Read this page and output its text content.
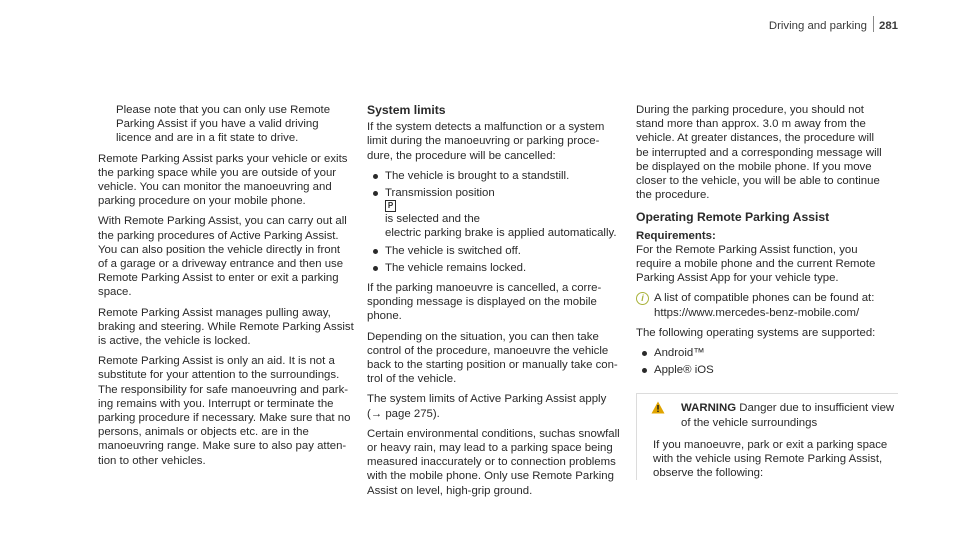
Driving and parking 281

Please note that you can only use Remote
Parking Assist if you have a valid driving
licence and are in a fit state to drive.

Remote Parking Assist parks your vehicle or exits
the parking space while you are outside of your
vehicle. You can monitor the manoeuvring and
parking procedure on your mobile phone.

With Remote Parking Assist, you can carry out all
the parking procedures of Active Parking Assist.
You can also position the vehicle directly in front
of a garage or a driveway entrance and then use
Remote Parking Assist to enter or exit a parking
space.

Remote Parking Assist manages pulling away,
braking and steering. While Remote Parking Assist
is active, the vehicle is locked.

Remote Parking Assist is only an aid. It is not a
substitute for your attention to the surroundings.
The responsibility for safe manoeuvring and park-
ing remains with you. Interrupt or terminate the
parking procedure if necessary. Make sure that no
persons, animals or objects etc. are in the
manoeuvring range. Make sure to also pay atten-
tion to other vehicles.

System limits

If the system detects a malfunction or a system
limit during the manoeuvring or parking proce-
dure, the procedure will be cancelled:

The vehicle is brought to a standstill.
Transmission position
P
is selected and the
electric parking brake is applied automatically.
The vehicle is switched off.
The vehicle remains locked.

If the parking manoeuvre is cancelled, a corre-
sponding message is displayed on the mobile
phone.

Depending on the situation, you can then take
control of the procedure, manoeuvre the vehicle
back to the starting position or manually take con-
trol of the vehicle.

The system limits of Active Parking Assist apply
(→ page 275).

Certain environmental conditions, suchas snowfall
or heavy rain, may lead to a parking space being
measured inaccurately or to connection problems
with the mobile phone. Only use Remote Parking
Assist on level, high-grip ground.

During the parking procedure, you should not
stand more than approx. 3.0 m away from the
vehicle. At greater distances, the procedure will
be interrupted and a corresponding message will
be displayed on the mobile phone. If you move
closer to the vehicle, you will be able to continue
the procedure.

Operating Remote Parking Assist
Requirements:

For the Remote Parking Assist function, you
require a mobile phone and the current Remote
Parking Assist App for your vehicle type.

i A list of compatible phones can be found at:
https://www.mercedes-benz-mobile.com/

The following operating systems are supported:

Android™
Apple® iOS
WARNING Danger due to insufficient view
of the vehicle surroundings
If you manoeuvre, park or exit a parking space
with the vehicle using Remote Parking Assist,
observe the following:
